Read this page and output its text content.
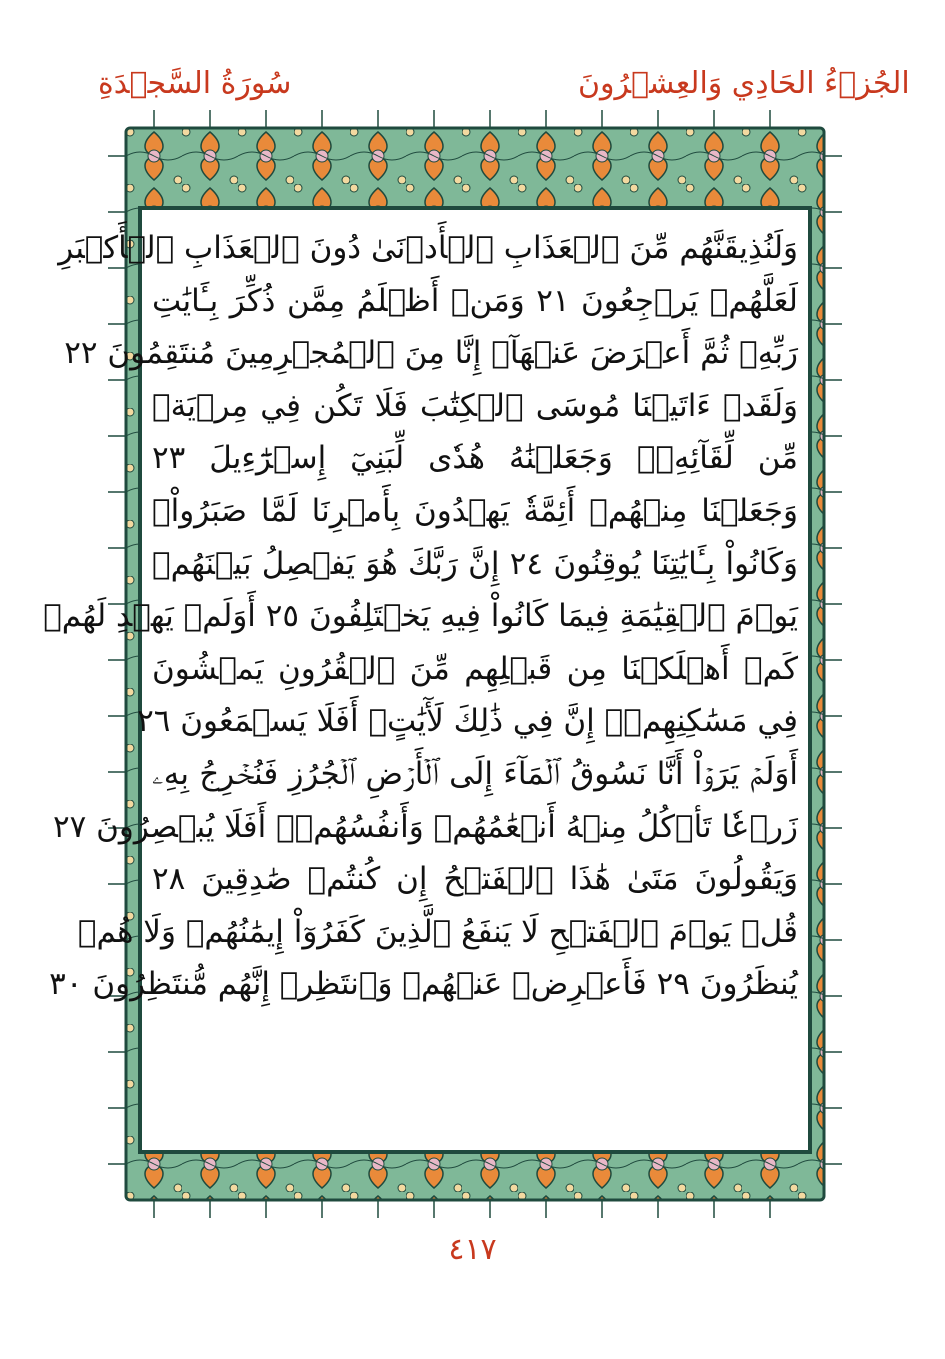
الجُزۡءُ الحَادِي وَالعِشۡرُونَ
سُورَةُ السَّجۡدَةِ
وَلَنُذِيقَنَّهُم مِّنَ ٱلۡعَذَابِ ٱلۡأَدۡنَىٰ دُونَ ٱلۡعَذَابِ ٱلۡأَكۡبَرِ
لَعَلَّهُمۡ يَرۡجِعُونَ ٢١ وَمَنۡ أَظۡلَمُ مِمَّن ذُكِّرَ بِـَٔايَٰتِ
رَبِّهِۦ ثُمَّ أَعۡرَضَ عَنۡهَآۚ إِنَّا مِنَ ٱلۡمُجۡرِمِينَ مُنتَقِمُونَ ٢٢
وَلَقَدۡ ءَاتَيۡنَا مُوسَى ٱلۡكِتَٰبَ فَلَا تَكُن فِي مِرۡيَةٖ
مِّن لِّقَآئِهِۦۖ وَجَعَلۡنَٰهُ هُدٗى لِّبَنِيٓ إِسۡرَٰٓءِيلَ ٢٣
وَجَعَلۡنَا مِنۡهُمۡ أَئِمَّةٗ يَهۡدُونَ بِأَمۡرِنَا لَمَّا صَبَرُواْۖ
وَكَانُواْ بِـَٔايَٰتِنَا يُوقِنُونَ ٢٤ إِنَّ رَبَّكَ هُوَ يَفۡصِلُ بَيۡنَهُمۡ
يَوۡمَ ٱلۡقِيَٰمَةِ فِيمَا كَانُواْ فِيهِ يَخۡتَلِفُونَ ٢٥ أَوَلَمۡ يَهۡدِ لَهُمۡ
كَمۡ أَهۡلَكۡنَا مِن قَبۡلِهِم مِّنَ ٱلۡقُرُونِ يَمۡشُونَ
فِي مَسَٰكِنِهِمۡۚ إِنَّ فِي ذَٰلِكَ لَأٓيَٰتٍۚ أَفَلَا يَسۡمَعُونَ ٢٦
أَوَلَمۡ يَرَوۡاْ أَنَّا نَسُوقُ ٱلۡمَآءَ إِلَى ٱلۡأَرۡضِ ٱلۡجُرُزِ فَنُخۡرِجُ بِهِۦ
زَرۡعٗا تَأۡكُلُ مِنۡهُ أَنۡعَٰمُهُمۡ وَأَنفُسُهُمۡۚ أَفَلَا يُبۡصِرُونَ ٢٧
وَيَقُولُونَ مَتَىٰ هَٰذَا ٱلۡفَتۡحُ إِن كُنتُمۡ صَٰدِقِينَ ٢٨
قُلۡ يَوۡمَ ٱلۡفَتۡحِ لَا يَنفَعُ ٱلَّذِينَ كَفَرُوٓاْ إِيمَٰنُهُمۡ وَلَا هُمۡ
يُنظَرُونَ ٢٩ فَأَعۡرِضۡ عَنۡهُمۡ وَٱنتَظِرۡ إِنَّهُم مُّنتَظِرُونَ ٣٠
٤١٧
